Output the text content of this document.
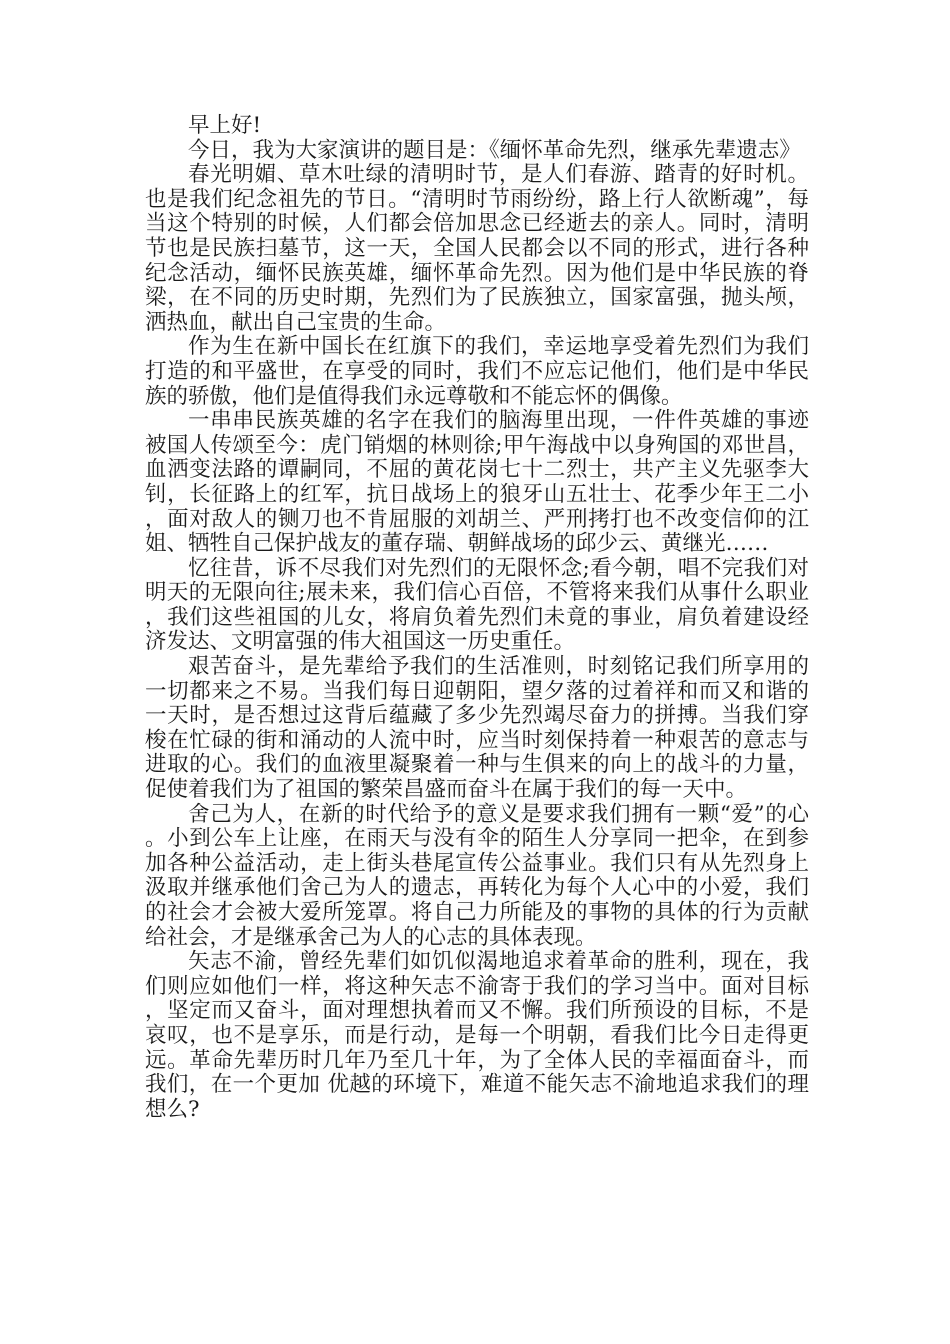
早上好!

今日，我为大家演讲的题目是：《缅怀革命先烈，继承先辈遗志》

春光明媚、草木吐绿的清明时节，是人们春游、踏青的好时机。也是我们纪念祖先的节日。“清明时节雨纷纷，路上行人欲断魂”，每当这个特别的时候，人们都会倍加思念已经逝去的亲人。同时，清明节也是民族扫墓节，这一天，全国人民都会以不同的形式，进行各种纪念活动，缅怀民族英雄，缅怀革命先烈。因为他们是中华民族的脊梁，在不同的历史时期，先烈们为了民族独立，国家富强，抛头颅，洒热血，献出自己宝贵的生命。

作为生在新中国长在红旗下的我们，幸运地享受着先烈们为我们打造的和平盛世，在享受的同时，我们不应忘记他们，他们是中华民族的骄傲，他们是值得我们永远尊敬和不能忘怀的偶像。

一串串民族英雄的名字在我们的脑海里出现，一件件英雄的事迹被国人传颂至今：虎门销烟的林则徐;甲午海战中以身殉国的邓世昌，血洒变法路的谭嗣同，不屈的黄花岗七十二烈士，共产主义先驱李大钊，长征路上的红军，抗日战场上的狼牙山五壮士、花季少年王二小，面对敌人的铡刀也不肯屈服的刘胡兰、严刑拷打也不改变信仰的江姐、牺牲自己保护战友的董存瑞、朝鲜战场的邱少云、黄继光……

忆往昔，诉不尽我们对先烈们的无限怀念;看今朝，唱不完我们对明天的无限向往;展未来，我们信心百倍，不管将来我们从事什么职业，我们这些祖国的儿女，将肩负着先烈们未竟的事业，肩负着建设经济发达、文明富强的伟大祖国这一历史重任。

艰苦奋斗，是先辈给予我们的生活准则，时刻铭记我们所享用的一切都来之不易。当我们每日迎朝阳，望夕落的过着祥和而又和谐的一天时，是否想过这背后蕴藏了多少先烈竭尽奋力的拼搏。当我们穿梭在忙碌的街和涌动的人流中时，应当时刻保持着一种艰苦的意志与进取的心。我们的血液里凝聚着一种与生俱来的向上的战斗的力量，促使着我们为了祖国的繁荣昌盛而奋斗在属于我们的每一天中。

舍己为人，在新的时代给予的意义是要求我们拥有一颗“爱”的心。小到公车上让座，在雨天与没有伞的陌生人分享同一把伞，在到参加各种公益活动，走上街头巷尾宣传公益事业。我们只有从先烈身上汲取并继承他们舍己为人的遗志，再转化为每个人心中的小爱，我们的社会才会被大爱所笼罩。将自己力所能及的事物的具体的行为贡献给社会，才是继承舍己为人的心志的具体表现。

矢志不渝，曾经先辈们如饥似渴地追求着革命的胜利，现在，我们则应如他们一样，将这种矢志不渝寄于我们的学习当中。面对目标，坚定而又奋斗，面对理想执着而又不懈。我们所预设的目标，不是哀叹，也不是享乐，而是行动，是每一个明朝，看我们比今日走得更远。革命先辈历时几年乃至几十年，为了全体人民的幸福面奋斗，而我们，在一个更加 优越的环境下，难道不能矢志不渝地追求我们的理想么?
